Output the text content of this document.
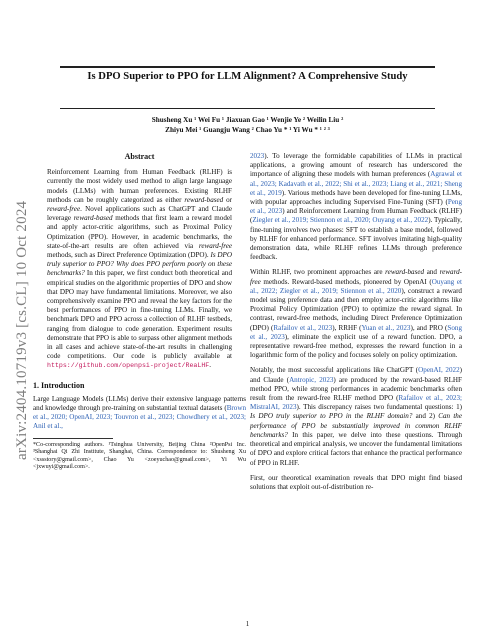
arXiv:2404.10719v3 [cs.CL] 10 Oct 2024
Is DPO Superior to PPO for LLM Alignment? A Comprehensive Study
Shusheng Xu ¹ Wei Fu ¹ Jiaxuan Gao ¹ Wenjie Ye ² Weilin Liu ²
Zhiyu Mei ¹ Guangju Wang ² Chao Yu * ¹ Yi Wu * ¹ ² ³
Abstract

Reinforcement Learning from Human Feedback (RLHF) is currently the most widely used method to align large language models (LLMs) with human preferences. Existing RLHF methods can be roughly categorized as either reward-based or reward-free. Novel applications such as ChatGPT and Claude leverage reward-based methods that first learn a reward model and apply actor-critic algorithms, such as Proximal Policy Optimization (PPO). However, in academic benchmarks, the state-of-the-art results are often achieved via reward-free methods, such as Direct Preference Optimization (DPO). Is DPO truly superior to PPO? Why does PPO perform poorly on these benchmarks? In this paper, we first conduct both theoretical and empirical studies on the algorithmic properties of DPO and show that DPO may have fundamental limitations. Moreover, we also comprehensively examine PPO and reveal the key factors for the best performances of PPO in fine-tuning LLMs. Finally, we benchmark DPO and PPO across a collection of RLHF testbeds, ranging from dialogue to code generation. Experiment results demonstrate that PPO is able to surpass other alignment methods in all cases and achieve state-of-the-art results in challenging code competitions. Our code is publicly available at https://github.com/openpsi-project/ReaLHF.

1. Introduction

Large Language Models (LLMs) derive their extensive language patterns and knowledge through pre-training on substantial textual datasets (Brown et al., 2020; OpenAI, 2023; Touvron et al., 2023; Chowdhery et al., 2023; Anil et al.,

*Co-corresponding authors. ¹Tsinghua University, Beijing China ²OpenPsi Inc. ³Shanghai Qi Zhi Institute, Shanghai, China. Correspondence to: Shusheng Xu <xssstory@gmail.com>, Chao Yu <zoeyuchao@gmail.com>, Yi Wu <jxwuyi@gmail.com>.

2023). To leverage the formidable capabilities of LLMs in practical applications, a growing amount of research has underscored the importance of aligning these models with human preferences (Agrawal et al., 2023; Kadavath et al., 2022; Shi et al., 2023; Liang et al., 2021; Sheng et al., 2019). Various methods have been developed for fine-tuning LLMs, with popular approaches including Supervised Fine-Tuning (SFT) (Peng et al., 2023) and Reinforcement Learning from Human Feedback (RLHF) (Ziegler et al., 2019; Stiennon et al., 2020; Ouyang et al., 2022). Typically, fine-tuning involves two phases: SFT to establish a base model, followed by RLHF for enhanced performance. SFT involves imitating high-quality demonstration data, while RLHF refines LLMs through preference feedback.

Within RLHF, two prominent approaches are reward-based and reward-free methods. Reward-based methods, pioneered by OpenAI (Ouyang et al., 2022; Ziegler et al., 2019; Stiennon et al., 2020), construct a reward model using preference data and then employ actor-critic algorithms like Proximal Policy Optimization (PPO) to optimize the reward signal. In contrast, reward-free methods, including Direct Preference Optimization (DPO) (Rafailov et al., 2023), RRHF (Yuan et al., 2023), and PRO (Song et al., 2023), eliminate the explicit use of a reward function. DPO, a representative reward-free method, expresses the reward function in a logarithmic form of the policy and focuses solely on policy optimization.

Notably, the most successful applications like ChatGPT (OpenAI, 2022) and Claude (Antropic, 2023) are produced by the reward-based RLHF method PPO, while strong performances in academic benchmarks often result from the reward-free RLHF method DPO (Rafailov et al., 2023; MistralAI, 2023). This discrepancy raises two fundamental questions: 1) Is DPO truly superior to PPO in the RLHF domain? and 2) Can the performance of PPO be substantially improved in common RLHF benchmarks? In this paper, we delve into these questions. Through theoretical and empirical analysis, we uncover the fundamental limitations of DPO and explore critical factors that enhance the practical performance of PPO in RLHF.

First, our theoretical examination reveals that DPO might find biased solutions that exploit out-of-distribution re-

1
